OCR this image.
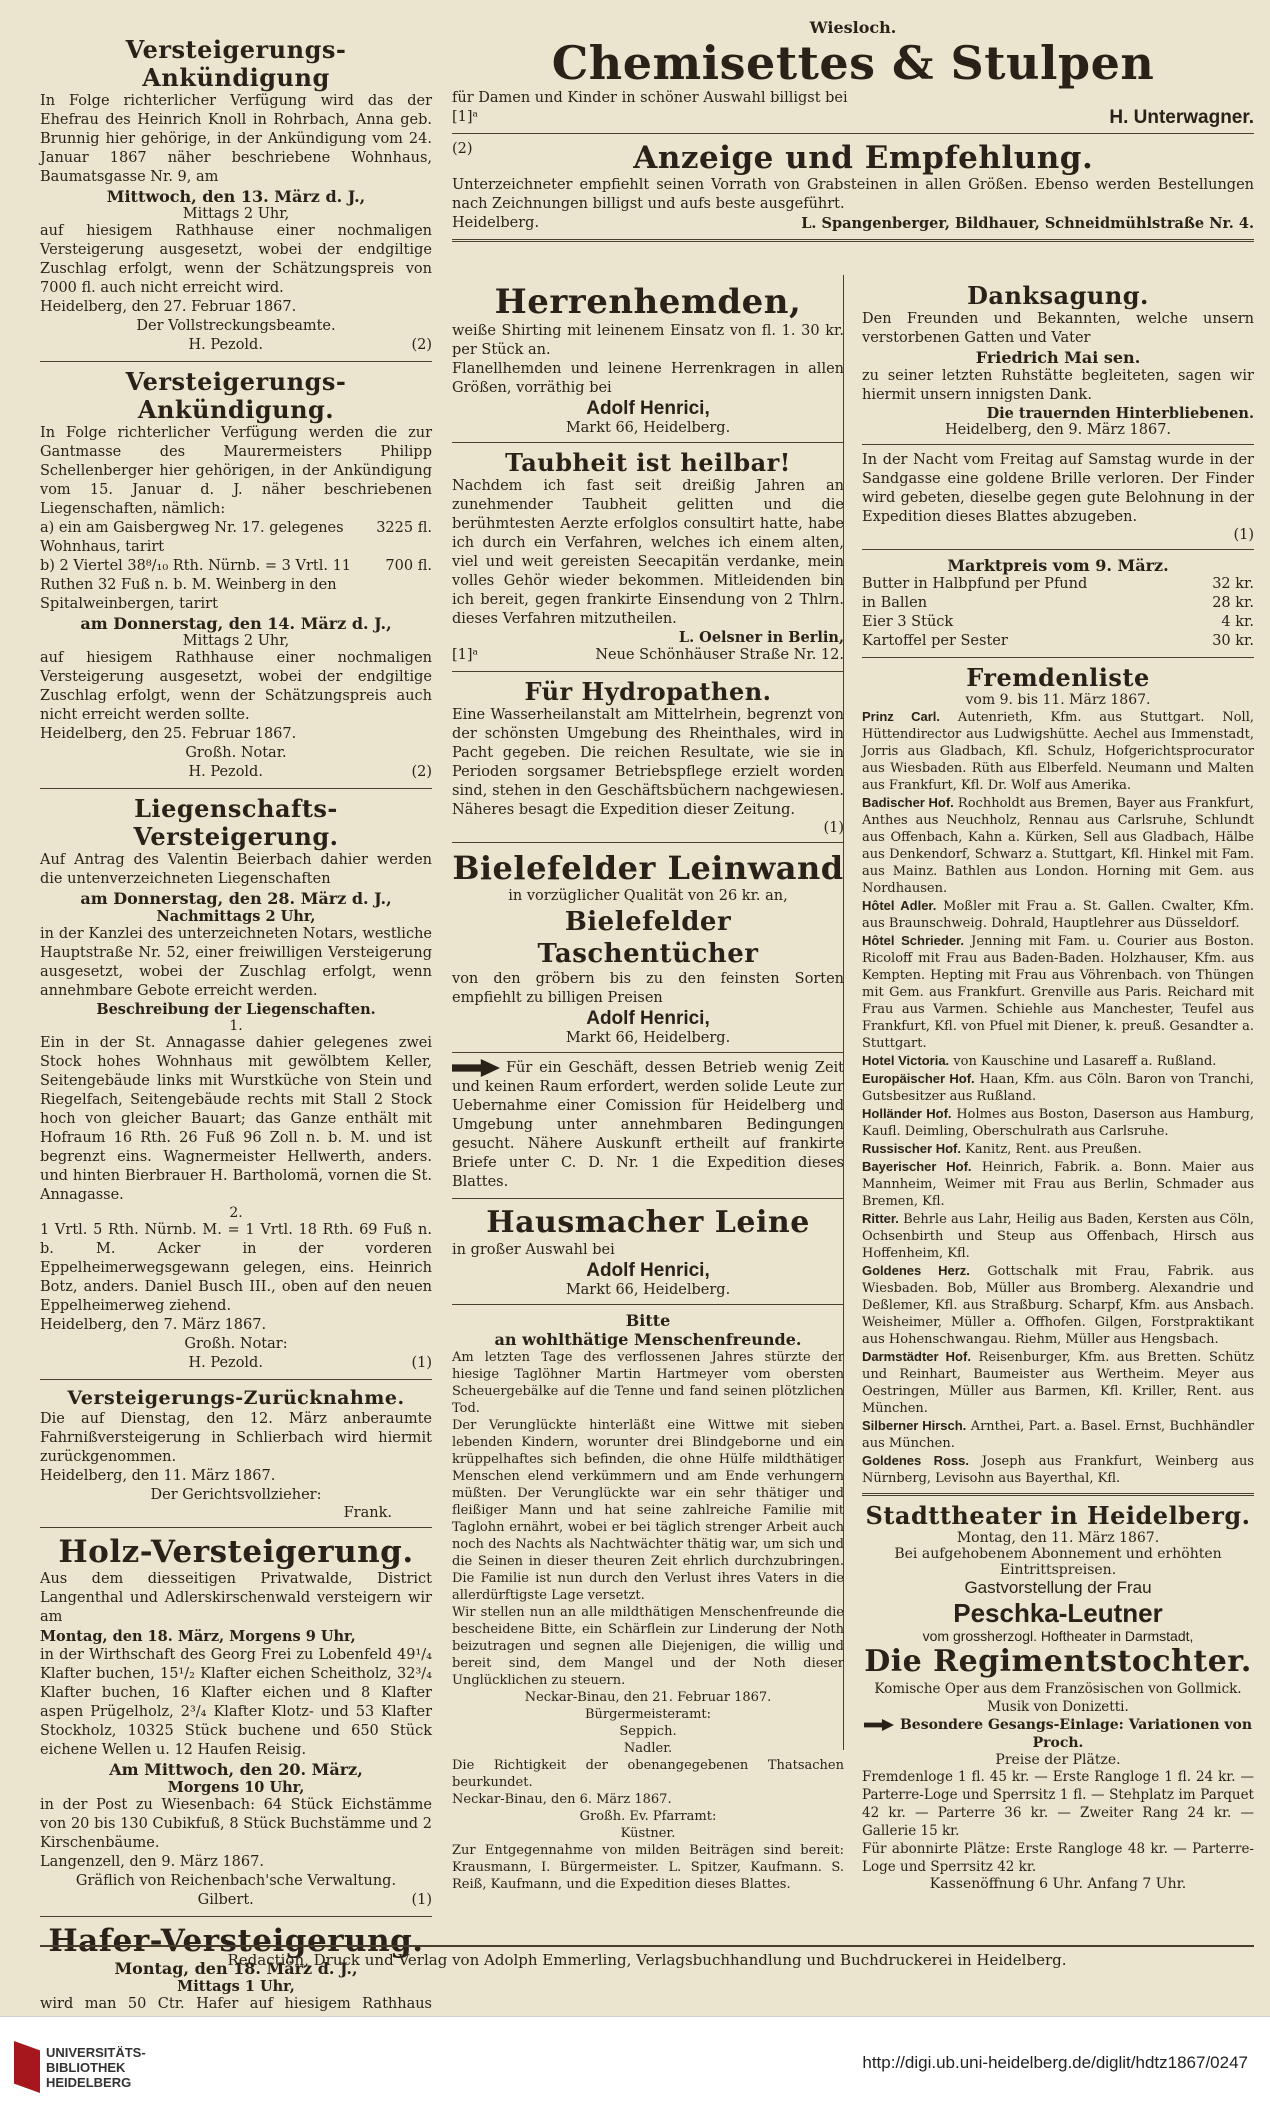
Wiesloch.
Chemisettes & Stulpen
für Damen und Kinder in schöner Auswahl billigst bei
[1]ᵃ	H. Unterwagner.
(2)	Anzeige und Empfehlung.
Unterzeichneter empfiehlt seinen Vorrath von Grabsteinen in allen Größen. Ebenso werden Bestellungen nach Zeichnungen billigst und aufs beste ausgeführt.
Heidelberg.	L. Spangenberger, Bildhauer, Schneidmühlstraße Nr. 4.
Versteigerungs-Ankündigung

In Folge richterlicher Verfügung wird das der Ehefrau des Heinrich Knoll in Rohrbach, Anna geb. Brunnig hier gehörige, in der Ankündigung vom 24. Januar 1867 näher beschriebene Wohnhaus, Baumatsgasse Nr. 9, am

Mittwoch, den 13. März d. J.,
Mittags 2 Uhr,

auf hiesigem Rathhause einer nochmaligen Versteigerung ausgesetzt, wobei der endgiltige Zuschlag erfolgt, wenn der Schätzungspreis von 7000 fl. auch nicht erreicht wird.

Heidelberg, den 27. Februar 1867.

Der Vollstreckungsbeamte.
H. Pezold.	(2)
Versteigerungs-Ankündigung.

In Folge richterlicher Verfügung werden die zur Gantmasse des Maurermeisters Philipp Schellenberger hier gehörigen, in der Ankündigung vom 15. Januar d. J. näher beschriebenen Liegenschaften, nämlich:

a) ein am Gaisbergweg Nr. 17. gelegenes Wohnhaus, tarirt
3225 fl.
b) 2 Viertel 38⁸/₁₀ Rth. Nürnb. = 3 Vrtl. 11 Ruthen 32 Fuß n. b. M. Weinberg in den Spitalweinbergen, tarirt
700 fl.
am Donnerstag, den 14. März d. J.,
Mittags 2 Uhr,

auf hiesigem Rathhause einer nochmaligen Versteigerung ausgesetzt, wobei der endgiltige Zuschlag erfolgt, wenn der Schätzungspreis auch nicht erreicht werden sollte.

Heidelberg, den 25. Februar 1867.

Großh. Notar.
H. Pezold.	(2)
Liegenschafts-Versteigerung.

Auf Antrag des Valentin Beierbach dahier werden die untenverzeichneten Liegenschaften

am Donnerstag, den 28. März d. J.,
Nachmittags 2 Uhr,

in der Kanzlei des unterzeichneten Notars, westliche Hauptstraße Nr. 52, einer freiwilligen Versteigerung ausgesetzt, wobei der Zuschlag erfolgt, wenn annehmbare Gebote erreicht werden.

Beschreibung der Liegenschaften.
1.

Ein in der St. Annagasse dahier gelegenes zwei Stock hohes Wohnhaus mit gewölbtem Keller, Seitengebäude links mit Wurstküche von Stein und Riegelfach, Seitengebäude rechts mit Stall 2 Stock hoch von gleicher Bauart; das Ganze enthält mit Hofraum 16 Rth. 26 Fuß 96 Zoll n. b. M. und ist begrenzt eins. Wagnermeister Hellwerth, anders. und hinten Bierbrauer H. Bartholomä, vornen die St. Annagasse.

2.

1 Vrtl. 5 Rth. Nürnb. M. = 1 Vrtl. 18 Rth. 69 Fuß n. b. M. Acker in der vorderen Eppelheimerwegsgewann gelegen, eins. Heinrich Botz, anders. Daniel Busch III., oben auf den neuen Eppelheimerweg ziehend.

Heidelberg, den 7. März 1867.

Großh. Notar:
H. Pezold.	(1)
Versteigerungs-Zurücknahme.

Die auf Dienstag, den 12. März anberaumte Fahrnißversteigerung in Schlierbach wird hiermit zurückgenommen.

Heidelberg, den 11. März 1867.

Der Gerichtsvollzieher:
Frank.
Holz-Versteigerung.

Aus dem diesseitigen Privatwalde, District Langenthal und Adlerskirschenwald versteigern wir am

Montag, den 18. März, Morgens 9 Uhr,

in der Wirthschaft des Georg Frei zu Lobenfeld 49¹/₄ Klafter buchen, 15¹/₂ Klafter eichen Scheitholz, 32³/₄ Klafter buchen, 16 Klafter eichen und 8 Klafter aspen Prügelholz, 2³/₄ Klafter Klotz- und 53 Klafter Stockholz, 10325 Stück buchene und 650 Stück eichene Wellen u. 12 Haufen Reisig.

Am Mittwoch, den 20. März,
Morgens 10 Uhr,

in der Post zu Wiesenbach: 64 Stück Eichstämme von 20 bis 130 Cubikfuß, 8 Stück Buchstämme und 2 Kirschenbäume.

Langenzell, den 9. März 1867.

Gräflich von Reichenbach'sche Verwaltung.
Gilbert.	(1)
Hafer-Versteigerung.
Montag, den 18. März d. J.,
Mittags 1 Uhr,

wird man 50 Ctr. Hafer auf hiesigem Rathhaus

Herrenhemden,

weiße Shirting mit leinenem Einsatz von fl. 1. 30 kr. per Stück an.

Flanellhemden und leinene Herrenkragen in allen Größen, vorräthig bei

Adolf Henrici,
Markt 66, Heidelberg.
Taubheit ist heilbar!

Nachdem ich fast seit dreißig Jahren an zunehmender Taubheit gelitten und die berühmtesten Aerzte erfolglos consultirt hatte, habe ich durch ein Verfahren, welches ich einem alten, viel und weit gereisten Seecapitän verdanke, mein volles Gehör wieder bekommen. Mitleidenden bin ich bereit, gegen frankirte Einsendung von 2 Thlrn. dieses Verfahren mitzutheilen.

L. Oelsner in Berlin,
[1]ᵃ	Neue Schönhäuser Straße Nr. 12.
Für Hydropathen.

Eine Wasserheilanstalt am Mittelrhein, begrenzt von der schönsten Umgebung des Rheinthales, wird in Pacht gegeben. Die reichen Resultate, wie sie in Perioden sorgsamer Betriebspflege erzielt worden sind, stehen in den Geschäftsbüchern nachgewiesen. Näheres besagt die Expedition dieser Zeitung.

(1)
Bielefelder Leinwand

in vorzüglicher Qualität von 26 kr. an,

Bielefelder Taschentücher

von den gröbern bis zu den feinsten Sorten empfiehlt zu billigen Preisen

Adolf Henrici,
Markt 66, Heidelberg.

Für ein Geschäft, dessen Betrieb wenig Zeit und keinen Raum erfordert, werden solide Leute zur Uebernahme einer Comission für Heidelberg und Umgebung unter annehmbaren Bedingungen gesucht. Nähere Auskunft ertheilt auf frankirte Briefe unter C. D. Nr. 1 die Expedition dieses Blattes.

Hausmacher Leine

in großer Auswahl bei

Adolf Henrici,
Markt 66, Heidelberg.
Bitte
an wohlthätige Menschenfreunde.

Am letzten Tage des verflossenen Jahres stürzte der hiesige Taglöhner Martin Hartmeyer vom obersten Scheuergebälke auf die Tenne und fand seinen plötzlichen Tod.

Der Verunglückte hinterläßt eine Wittwe mit sieben lebenden Kindern, worunter drei Blindgeborne und ein krüppelhaftes sich befinden, die ohne Hülfe mildthätiger Menschen elend verkümmern und am Ende verhungern müßten. Der Verunglückte war ein sehr thätiger und fleißiger Mann und hat seine zahlreiche Familie mit Taglohn ernährt, wobei er bei täglich strenger Arbeit auch noch des Nachts als Nachtwächter thätig war, um sich und die Seinen in dieser theuren Zeit ehrlich durchzubringen. Die Familie ist nun durch den Verlust ihres Vaters in die allerdürftigste Lage versetzt.

Wir stellen nun an alle mildthätigen Menschenfreunde die bescheidene Bitte, ein Schärflein zur Linderung der Noth beizutragen und segnen alle Diejenigen, die willig und bereit sind, dem Mangel und der Noth dieser Unglücklichen zu steuern.

Neckar-Binau, den 21. Februar 1867.
Bürgermeisteramt:
Seppich.
Nadler.

Die Richtigkeit der obenangegebenen Thatsachen beurkundet.

Neckar-Binau, den 6. März 1867.

Großh. Ev. Pfarramt:
Küstner.

Zur Entgegennahme von milden Beiträgen sind bereit: Krausmann, I. Bürgermeister. L. Spitzer, Kaufmann. S. Reiß, Kaufmann, und die Expedition dieses Blattes.

Danksagung.

Den Freunden und Bekannten, welche unsern verstorbenen Gatten und Vater

Friedrich Mai sen.

zu seiner letzten Ruhstätte begleiteten, sagen wir hiermit unsern innigsten Dank.

Die trauernden Hinterbliebenen.
Heidelberg, den 9. März 1867.

In der Nacht vom Freitag auf Samstag wurde in der Sandgasse eine goldene Brille verloren. Der Finder wird gebeten, dieselbe gegen gute Belohnung in der Expedition dieses Blattes abzugeben.

(1)
Marktpreis vom 9. März.
Butter in Halbpfund per Pfund	32 kr.
in Ballen	28 kr.
Eier 3 Stück	4 kr.
Kartoffel per Sester	30 kr.
Fremdenliste
vom 9. bis 11. März 1867.

Prinz Carl. Autenrieth, Kfm. aus Stuttgart. Noll, Hüttendirector aus Ludwigshütte. Aechel aus Immenstadt, Jorris aus Gladbach, Kfl. Schulz, Hofgerichtsprocurator aus Wiesbaden. Rüth aus Elberfeld. Neumann und Malten aus Frankfurt, Kfl. Dr. Wolf aus Amerika.

Badischer Hof. Rochholdt aus Bremen, Bayer aus Frankfurt, Anthes aus Neuchholz, Rennau aus Carlsruhe, Schlundt aus Offenbach, Kahn a. Kürken, Sell aus Gladbach, Hälbe aus Denkendorf, Schwarz a. Stuttgart, Kfl. Hinkel mit Fam. aus Mainz. Bathlen aus London. Horning mit Gem. aus Nordhausen.

Hôtel Adler. Moßler mit Frau a. St. Gallen. Cwalter, Kfm. aus Braunschweig. Dohrald, Hauptlehrer aus Düsseldorf.

Hôtel Schrieder. Jenning mit Fam. u. Courier aus Boston. Ricoloff mit Frau aus Baden-Baden. Holzhauser, Kfm. aus Kempten. Hepting mit Frau aus Vöhrenbach. von Thüngen mit Gem. aus Frankfurt. Grenville aus Paris. Reichard mit Frau aus Varmen. Schiehle aus Manchester, Teufel aus Frankfurt, Kfl. von Pfuel mit Diener, k. preuß. Gesandter a. Stuttgart.

Hotel Victoria. von Kauschine und Lasareff a. Rußland.

Europäischer Hof. Haan, Kfm. aus Cöln. Baron von Tranchi, Gutsbesitzer aus Rußland.

Holländer Hof. Holmes aus Boston, Daserson aus Hamburg, Kaufl. Deimling, Oberschulrath aus Carlsruhe.

Russischer Hof. Kanitz, Rent. aus Preußen.

Bayerischer Hof. Heinrich, Fabrik. a. Bonn. Maier aus Mannheim, Weimer mit Frau aus Berlin, Schmader aus Bremen, Kfl.

Ritter. Behrle aus Lahr, Heilig aus Baden, Kersten aus Cöln, Ochsenbirth und Steup aus Offenbach, Hirsch aus Hoffenheim, Kfl.

Goldenes Herz. Gottschalk mit Frau, Fabrik. aus Wiesbaden. Bob, Müller aus Bromberg. Alexandrie und Deßlemer, Kfl. aus Straßburg. Scharpf, Kfm. aus Ansbach. Weisheimer, Müller a. Offhofen. Gilgen, Forstpraktikant aus Hohenschwangau. Riehm, Müller aus Hengsbach.

Darmstädter Hof. Reisenburger, Kfm. aus Bretten. Schütz und Reinhart, Baumeister aus Wertheim. Meyer aus Oestringen, Müller aus Barmen, Kfl. Kriller, Rent. aus München.

Silberner Hirsch. Arnthei, Part. a. Basel. Ernst, Buchhändler aus München.

Goldenes Ross. Joseph aus Frankfurt, Weinberg aus Nürnberg, Levisohn aus Bayerthal, Kfl.

Stadttheater in Heidelberg.
Montag, den 11. März 1867.
Bei aufgehobenem Abonnement und erhöhten Eintrittspreisen.
Gastvorstellung der Frau
Peschka-Leutner
vom grossherzogl. Hoftheater in Darmstadt,
Die Regimentstochter.
Komische Oper aus dem Französischen von Gollmick. Musik von Donizetti.
Besondere Gesangs-Einlage: Variationen von Proch.
Preise der Plätze.

Fremdenloge 1 fl. 45 kr. — Erste Rangloge 1 fl. 24 kr. — Parterre-Loge und Sperrsitz 1 fl. — Stehplatz im Parquet 42 kr. — Parterre 36 kr. — Zweiter Rang 24 kr. — Gallerie 15 kr.

Für abonnirte Plätze: Erste Rangloge 48 kr. — Parterre-Loge und Sperrsitz 42 kr.

Kassenöffnung 6 Uhr. Anfang 7 Uhr.
Redaction, Druck und Verlag von Adolph Emmerling, Verlagsbuchhandlung und Buchdruckerei in Heidelberg.
UNIVERSITÄTS-
BIBLIOTHEK
HEIDELBERG
http://digi.ub.uni-heidelberg.de/diglit/hdtz1867/0247
